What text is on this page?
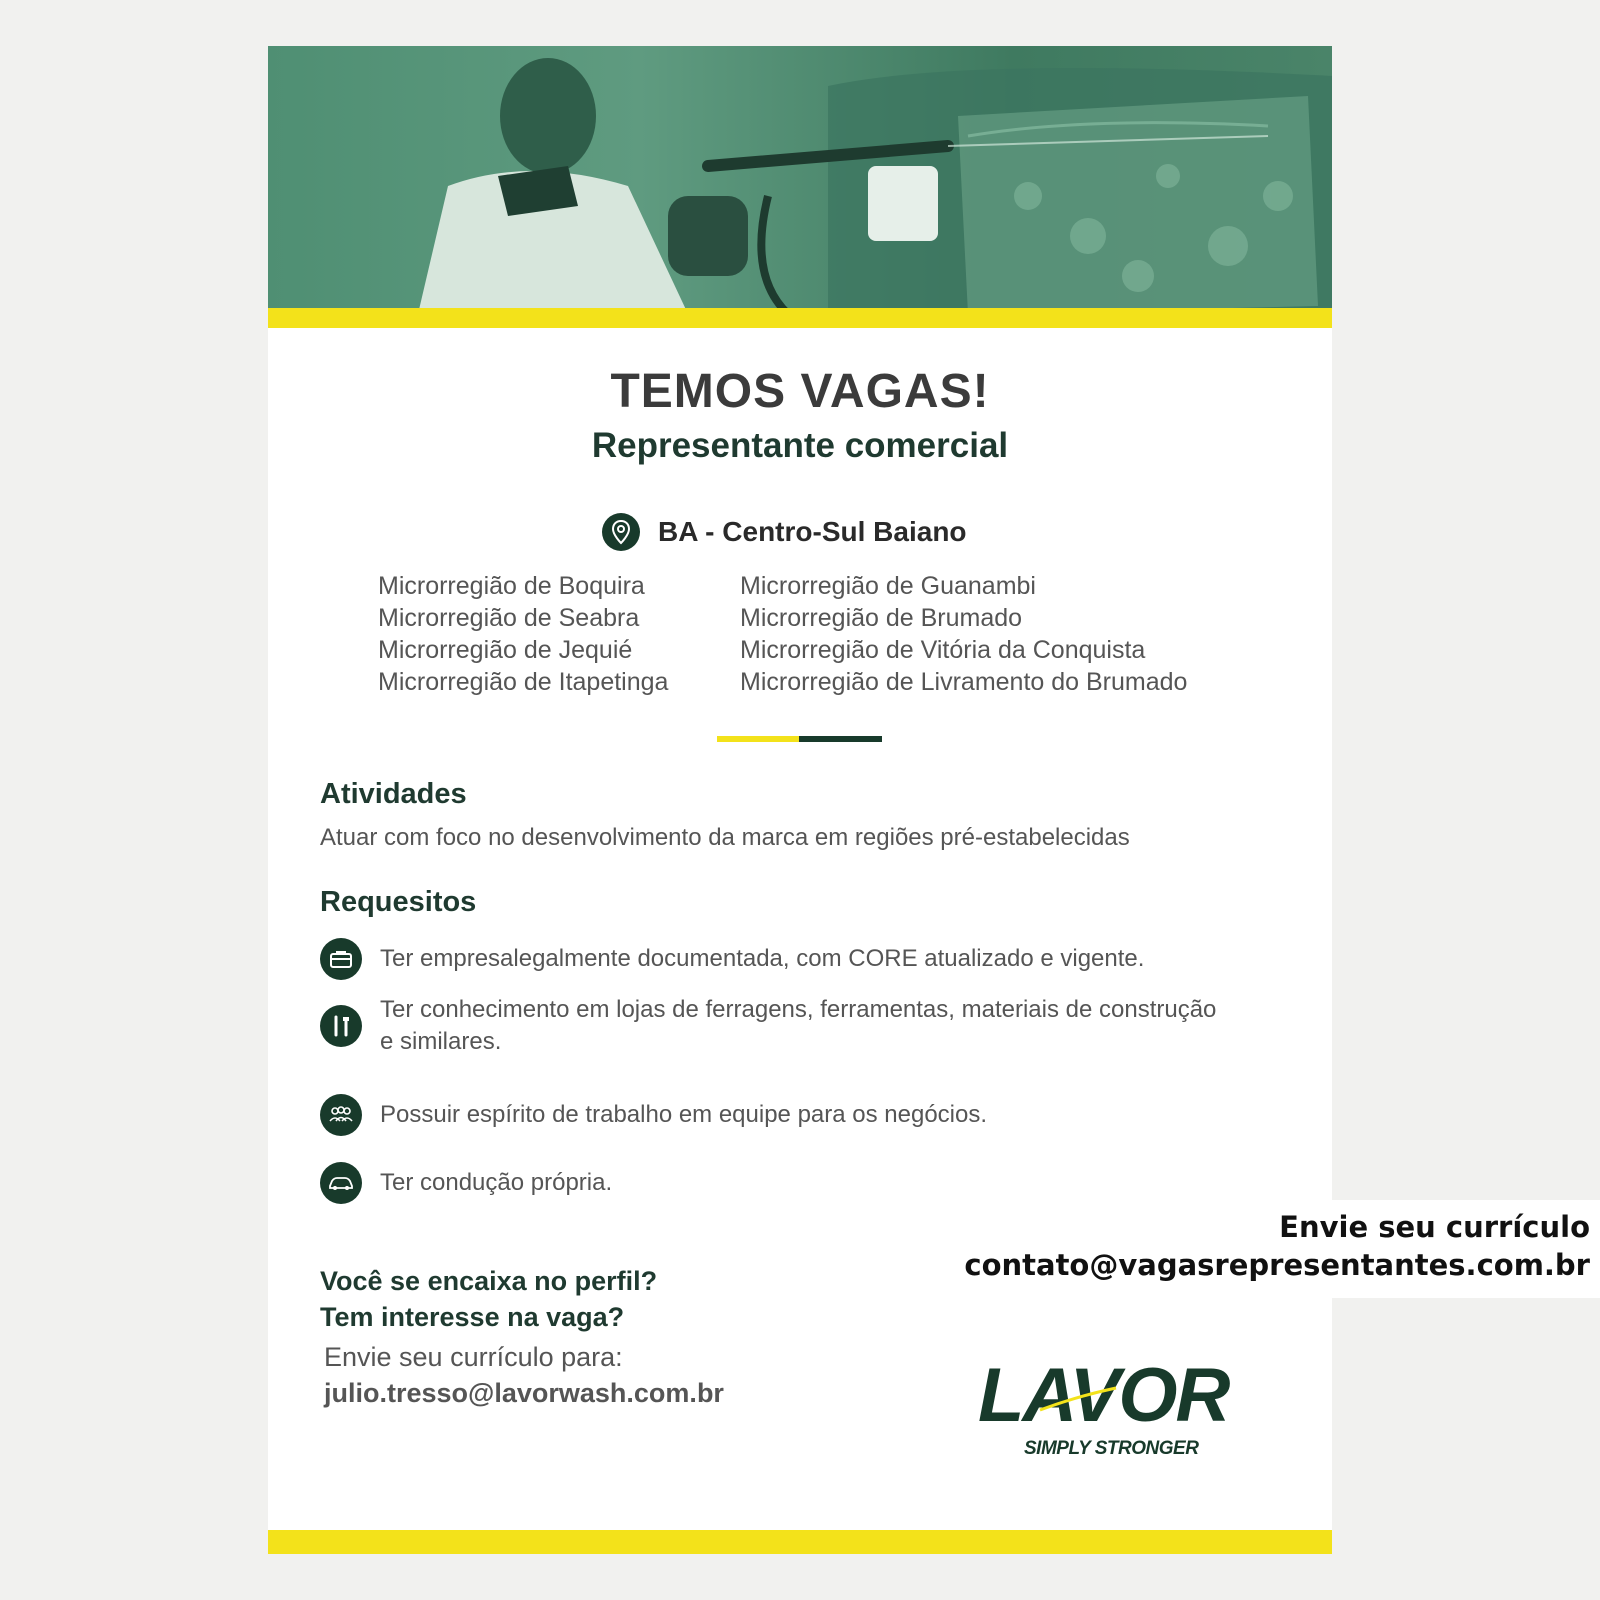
TEMOS VAGAS!
Representante comercial
BA - Centro-Sul Baiano
Microrregião de Boquira
Microrregião de Seabra
Microrregião de Jequié
Microrregião de Itapetinga
Microrregião de Guanambi
Microrregião de Brumado
Microrregião de Vitória da Conquista
Microrregião de Livramento do Brumado
Atividades
Atuar com foco no desenvolvimento da marca em regiões pré-estabelecidas
Requesitos
Ter empresalegalmente documentada, com CORE atualizado e vigente.
Ter conhecimento em lojas de ferragens, ferramentas, materiais de construção e similares.
Possuir espírito de trabalho em equipe para os negócios.
Ter condução própria.
Você se encaixa no perfil?
Tem interesse na vaga?
Envie seu currículo para:
julio.tresso@lavorwash.com.br	LAVOR
SIMPLY STRONGER
Envie seu currículo
contato@vagasrepresentantes.com.br
